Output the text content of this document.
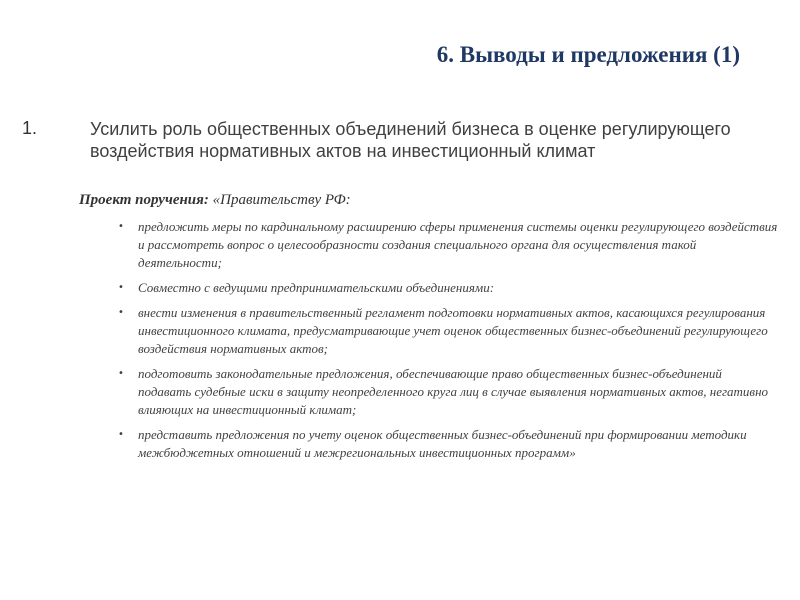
6. Выводы и предложения (1)
1.	Усилить роль общественных объединений бизнеса в оценке регулирующего воздействия нормативных актов на инвестиционный климат
Проект поручения: «Правительству РФ:
• предложить меры по кардинальному расширению сферы применения системы оценки регулирующего воздействия и рассмотреть вопрос о целесообразности создания специального органа для осуществления такой деятельности;
• Совместно с ведущими предпринимательскими объединениями:
• внести изменения в правительственный регламент подготовки нормативных актов, касающихся регулирования инвестиционного климата, предусматривающие учет оценок общественных бизнес-объединений регулирующего воздействия нормативных актов;
• подготовить законодательные предложения, обеспечивающие право общественных бизнес-объединений подавать судебные иски в защиту неопределенного круга лиц в случае выявления нормативных актов, негативно влияющих на инвестиционный климат;
• представить предложения по учету оценок общественных бизнес-объединений при формировании методики межбюджетных отношений и межрегиональных инвестиционных программ»
